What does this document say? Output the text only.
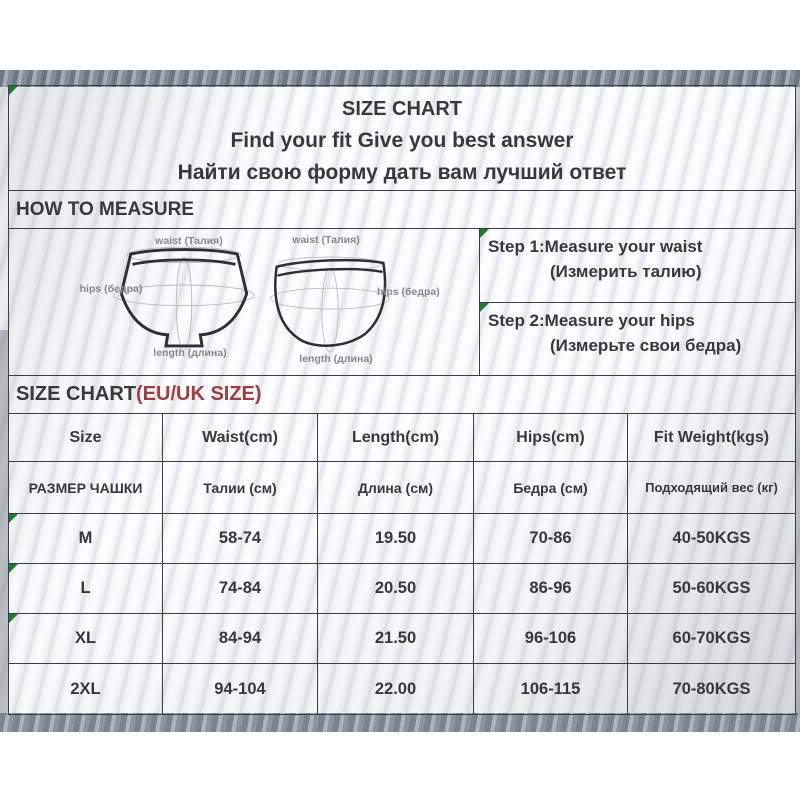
SIZE CHART
Find your fit Give you best answer
Найти свою форму дать вам лучший ответ
HOW TO MEASURE
waist (Талия)	waist (Талия)
hips (бедра)	hips (бедра)
length (длина)	length (длина)
Step 1:Measure your waist
(Измерить талию)
Step 2:Measure your hips
(Измерьте свои бедра)
SIZE CHART(EU/UK SIZE)
Size	Waist(cm)	Length(cm)	Hips(cm)	Fit Weight(kgs)
РАЗМЕР ЧАШКИ	Талии (см)	Длина (см)	Бедра (см)	Подходящий вес (кг)
M	58-74	19.50	70-86	40-50KGS
L	74-84	20.50	86-96	50-60KGS
XL	84-94	21.50	96-106	60-70KGS
2XL	94-104	22.00	106-115	70-80KGS
